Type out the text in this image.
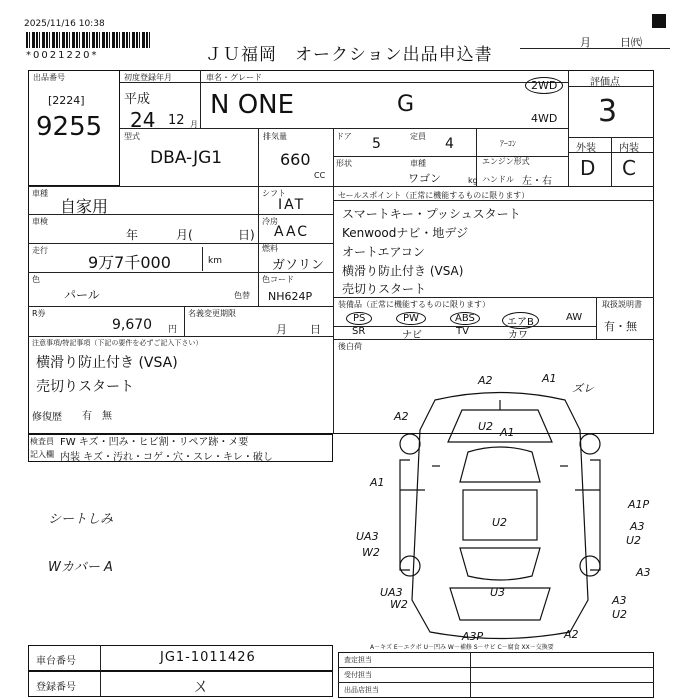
2025/11/16 10:38
*0021220*	ＪＵ福岡　オークション出品申込書
月	日㈹
出品番号
[2224]
9255
初度登録年月
平成
24 12 月
車名・グレード
N ONE	G
2WD
4WD
型式
DBA-JG1
排気量
660
CC
ドア 5	定員 4
形状	車種
ワゴン	kg
ｱｰｺﾝ
エンジン形式
ハンドル 左・右
評価点
3
外装 内装
D C
車種
自家用
車検
年	月(	日)
走行
9万7千000	km
色
パール	色替
シフト
IAT
冷房
AAC
燃料
ガソリン
色コード
NH624P
R券
9,670 円
名義変更期限
月 日
注意事項/特記事項（下記の要件を必ずご記入下さい）
横滑り防止付き (VSA)
売切りスタート
修復歴 有 無
セールスポイント（正常に機能するものに限ります）
スマートキー・プッシュスタート
Kenwoodナビ・地デジ
オートエアコン
横滑り防止付き (VSA)
売切りスタート
装備品（正常に機能するものに限ります）
PS	PW	ABS	エアB	AW
SR	ナビ	TV	カワ
取扱説明書
有・無
後白荷
検査員
記入欄
FW キズ・凹み・ヒビ割・リペア跡・メ要
内装 キズ・汚れ・コゲ・穴・スレ・キレ・破し
シートしみ
Wカバー A
A2	A1
ズレ
A2
U2 A1
A1
A1P
A3
U2
UA3
W2
U2
U3
UA3
W2
A3
A3
U2
A3P	A2
A－キズ E－エクボ U－凹み W－補修 S－サビ C－腐食 XX－交換要
車台番号	JG1-1011426
登録番号	ㄨ
査定担当
受付担当
出品店担当
